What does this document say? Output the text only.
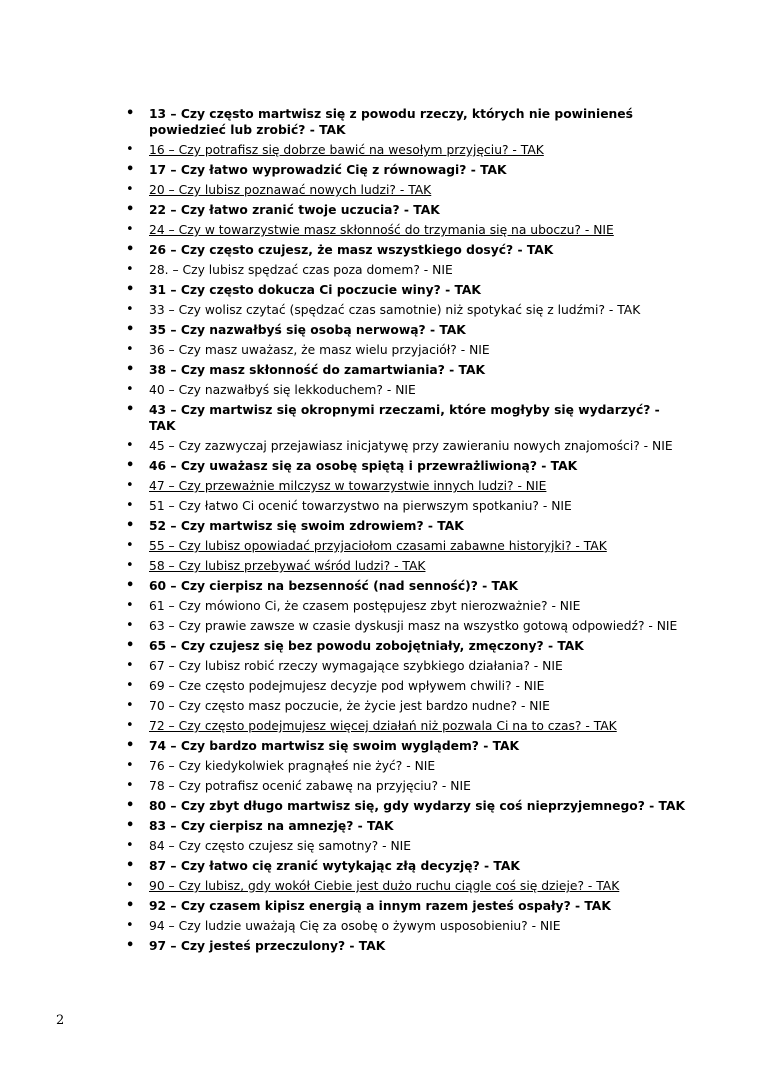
• 13 – Czy często martwisz się z powodu rzeczy, których nie powinieneś powiedzieć lub zrobić? - TAK
• 16 – Czy potrafisz się dobrze bawić na wesołym przyjęciu? - TAK
• 17 – Czy łatwo wyprowadzić Cię z równowagi? - TAK
• 20 – Czy lubisz poznawać nowych ludzi? - TAK
• 22 – Czy łatwo zranić twoje uczucia? - TAK
• 24 – Czy w towarzystwie masz skłonność do trzymania się na uboczu? - NIE
• 26 – Czy często czujesz, że masz wszystkiego dosyć? - TAK
• 28. – Czy lubisz spędzać czas poza domem? - NIE
• 31 – Czy często dokucza Ci poczucie winy? - TAK
• 33 – Czy wolisz czytać (spędzać czas samotnie) niż spotykać się z ludźmi? - TAK
• 35 – Czy nazwałbyś się osobą nerwową? - TAK
• 36 – Czy masz uważasz, że masz wielu przyjaciół? - NIE
• 38 – Czy masz skłonność do zamartwiania? - TAK
• 40 – Czy nazwałbyś się lekkoduchem? - NIE
• 43 – Czy martwisz się okropnymi rzeczami, które mogłyby się wydarzyć? - TAK
• 45 – Czy zazwyczaj przejawiasz inicjatywę przy zawieraniu nowych znajomości? - NIE
• 46 – Czy uważasz się za osobę spiętą i przewrażliwioną? - TAK
• 47 – Czy przeważnie milczysz w towarzystwie innych ludzi? - NIE
• 51 – Czy łatwo Ci ocenić towarzystwo na pierwszym spotkaniu? - NIE
• 52 – Czy martwisz się swoim zdrowiem? - TAK
• 55 – Czy lubisz opowiadać przyjaciołom czasami zabawne historyjki? - TAK
• 58 – Czy lubisz przebywać wśród ludzi? - TAK
• 60 – Czy cierpisz na bezsenność (nad senność)? - TAK
• 61 – Czy mówiono Ci, że czasem postępujesz zbyt nierozważnie? - NIE
• 63 – Czy prawie zawsze w czasie dyskusji masz na wszystko gotową odpowiedź? - NIE
• 65 – Czy czujesz się bez powodu zobojętniały, zmęczony? - TAK
• 67 – Czy lubisz robić rzeczy wymagające szybkiego działania? - NIE
• 69 – Cze często podejmujesz decyzje pod wpływem chwili? - NIE
• 70 – Czy często masz poczucie, że życie jest bardzo nudne? - NIE
• 72 – Czy często podejmujesz więcej działań niż pozwala Ci na to czas? - TAK
• 74 – Czy bardzo martwisz się swoim wyglądem? - TAK
• 76 – Czy kiedykolwiek pragnąłeś nie żyć? - NIE
• 78 – Czy potrafisz ocenić zabawę na przyjęciu? - NIE
• 80 – Czy zbyt długo martwisz się, gdy wydarzy się coś nieprzyjemnego? - TAK
• 83 – Czy cierpisz na amnezję? - TAK
• 84 – Czy często czujesz się samotny? - NIE
• 87 – Czy łatwo cię zranić wytykając złą decyzję? - TAK
• 90 – Czy lubisz, gdy wokół Ciebie jest dużo ruchu ciągle coś się dzieje? - TAK
• 92 – Czy czasem kipisz energią a innym razem jesteś ospały? - TAK
• 94 – Czy ludzie uważają Cię za osobę o żywym usposobieniu? - NIE
• 97 – Czy jesteś przeczulony? - TAK
2
